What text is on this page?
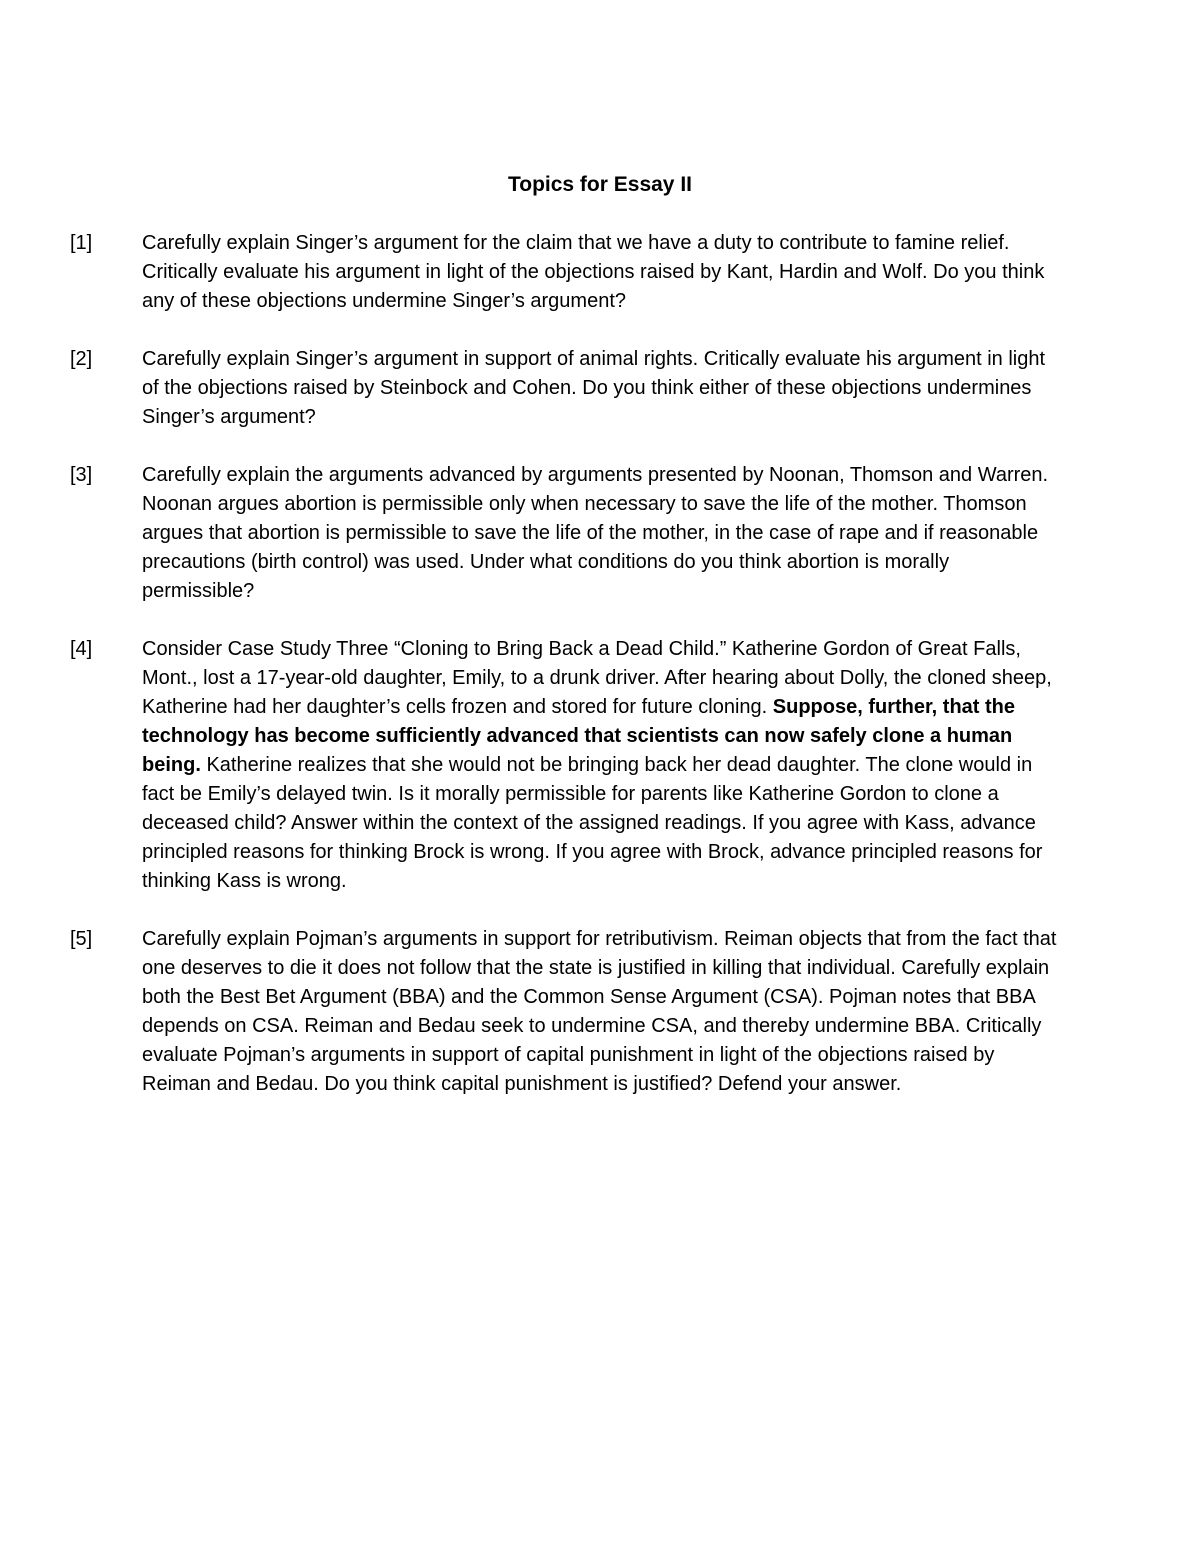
Topics for Essay II
[1]	Carefully explain Singer’s argument for the claim that we have a duty to contribute to famine relief. Critically evaluate his argument in light of the objections raised by Kant, Hardin and Wolf. Do you think any of these objections undermine Singer’s argument?
[2]	Carefully explain Singer’s argument in support of animal rights. Critically evaluate his argument in light of the objections raised by Steinbock and Cohen. Do you think either of these objections undermines Singer’s argument?
[3]	Carefully explain the arguments advanced by arguments presented by Noonan, Thomson and Warren. Noonan argues abortion is permissible only when necessary to save the life of the mother. Thomson argues that abortion is permissible to save the life of the mother, in the case of rape and if reasonable precautions (birth control) was used. Under what conditions do you think abortion is morally permissible?
[4]	Consider Case Study Three “Cloning to Bring Back a Dead Child.” Katherine Gordon of Great Falls, Mont., lost a 17-year-old daughter, Emily, to a drunk driver. After hearing about Dolly, the cloned sheep, Katherine had her daughter’s cells frozen and stored for future cloning. Suppose, further, that the technology has become sufficiently advanced that scientists can now safely clone a human being. Katherine realizes that she would not be bringing back her dead daughter. The clone would in fact be Emily’s delayed twin. Is it morally permissible for parents like Katherine Gordon to clone a deceased child? Answer within the context of the assigned readings. If you agree with Kass, advance principled reasons for thinking Brock is wrong. If you agree with Brock, advance principled reasons for thinking Kass is wrong.
[5]	Carefully explain Pojman’s arguments in support for retributivism. Reiman objects that from the fact that one deserves to die it does not follow that the state is justified in killing that individual. Carefully explain both the Best Bet Argument (BBA) and the Common Sense Argument (CSA). Pojman notes that BBA depends on CSA. Reiman and Bedau seek to undermine CSA, and thereby undermine BBA. Critically evaluate Pojman’s arguments in support of capital punishment in light of the objections raised by Reiman and Bedau. Do you think capital punishment is justified? Defend your answer.
